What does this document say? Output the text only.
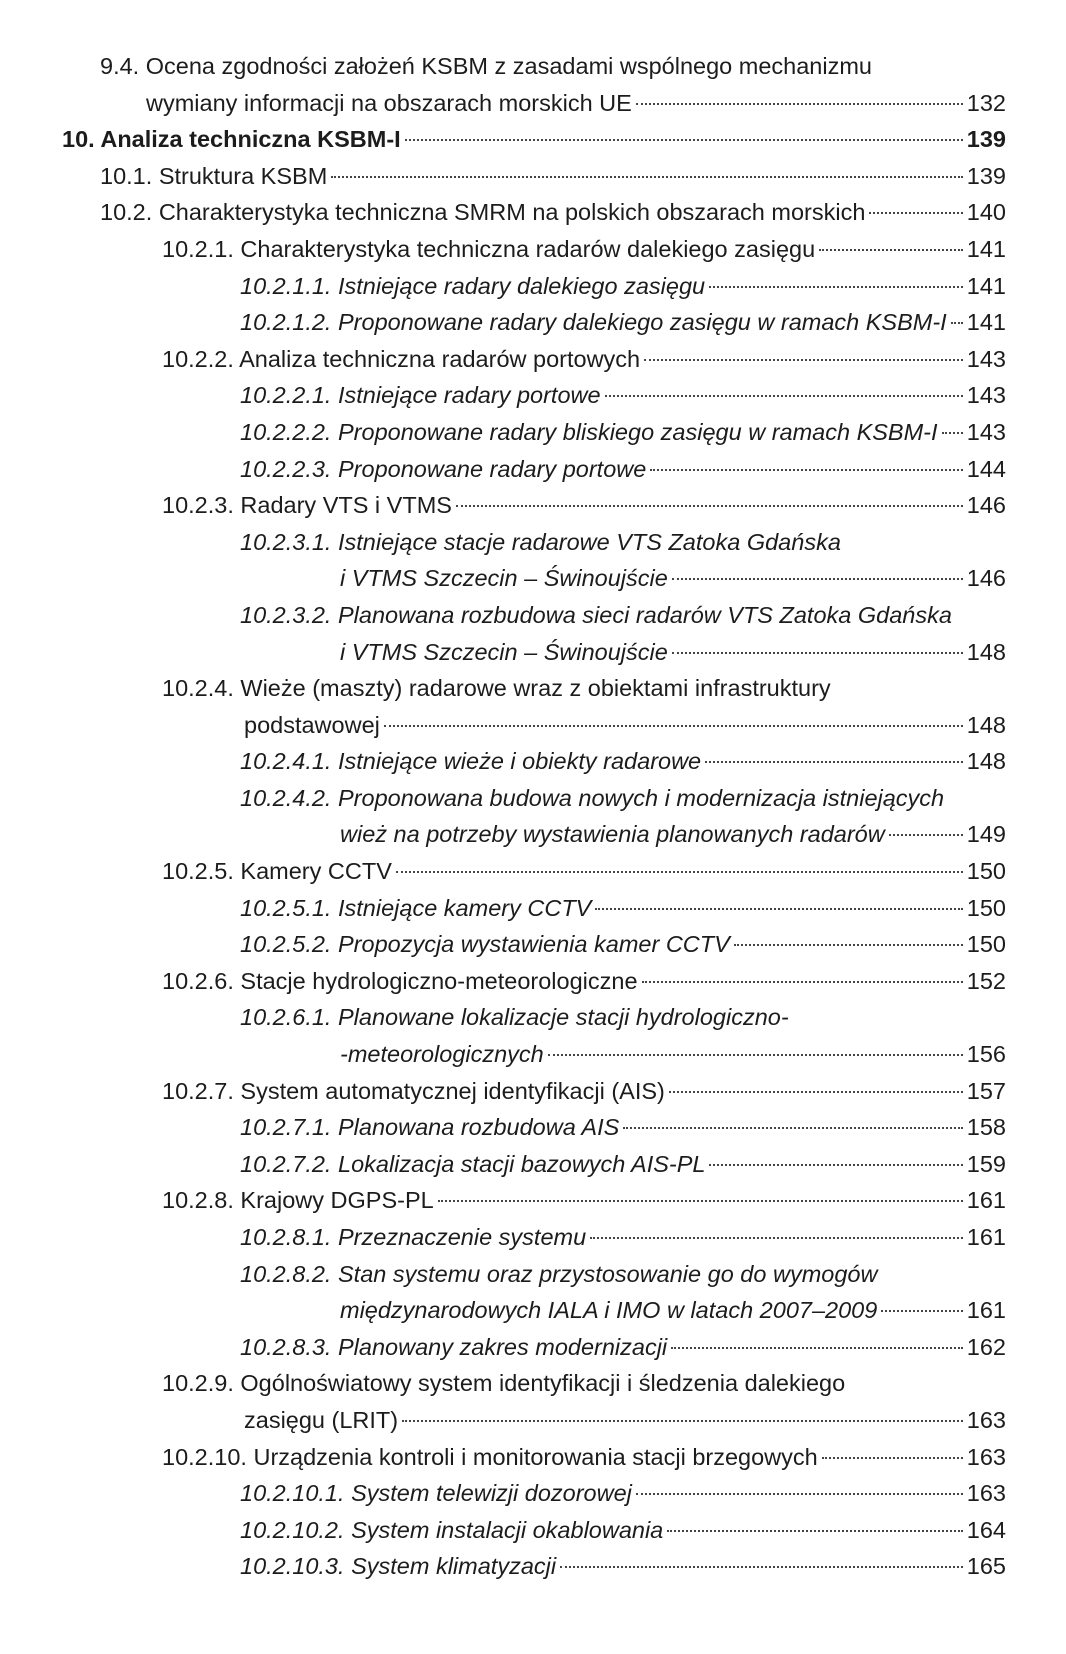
9.4. Ocena zgodności założeń KSBM z zasadami wspólnego mechanizmu
wymiany informacji na obszarach morskich UE	132
10. Analiza techniczna KSBM-I	139
10.1. Struktura KSBM	139
10.2. Charakterystyka techniczna SMRM na polskich obszarach morskich	140
10.2.1. Charakterystyka techniczna radarów dalekiego zasięgu	141
10.2.1.1. Istniejące radary dalekiego zasięgu	141
10.2.1.2. Proponowane radary dalekiego zasięgu w ramach KSBM-I 141
10.2.2. Analiza techniczna radarów portowych	143
10.2.2.1. Istniejące radary portowe	143
10.2.2.2. Proponowane radary bliskiego zasięgu w ramach KSBM-I 143
10.2.2.3. Proponowane radary portowe	144
10.2.3. Radary VTS i VTMS	146
10.2.3.1. Istniejące stacje radarowe VTS Zatoka Gdańska
i VTMS Szczecin – Świnoujście	146
10.2.3.2. Planowana rozbudowa sieci radarów VTS Zatoka Gdańska
i VTMS Szczecin – Świnoujście	148
10.2.4. Wieże (maszty) radarowe wraz z obiektami infrastruktury
podstawowej	148
10.2.4.1. Istniejące wieże i obiekty radarowe	148
10.2.4.2. Proponowana budowa nowych i modernizacja istniejących
wież na potrzeby wystawienia planowanych radarów	149
10.2.5. Kamery CCTV	150
10.2.5.1. Istniejące kamery CCTV	150
10.2.5.2. Propozycja wystawienia kamer CCTV	150
10.2.6. Stacje hydrologiczno-meteorologiczne	152
10.2.6.1. Planowane lokalizacje stacji hydrologiczno-
-meteorologicznych	156
10.2.7. System automatycznej identyfikacji (AIS)	157
10.2.7.1. Planowana rozbudowa AIS	158
10.2.7.2. Lokalizacja stacji bazowych AIS-PL	159
10.2.8. Krajowy DGPS-PL	161
10.2.8.1. Przeznaczenie systemu	161
10.2.8.2. Stan systemu oraz przystosowanie go do wymogów
międzynarodowych IALA i IMO w latach 2007–2009	161
10.2.8.3. Planowany zakres modernizacji	162
10.2.9. Ogólnoświatowy system identyfikacji i śledzenia dalekiego
zasięgu (LRIT)	163
10.2.10. Urządzenia kontroli i monitorowania stacji brzegowych	163
10.2.10.1. System telewizji dozorowej	163
10.2.10.2. System instalacji okablowania	164
10.2.10.3. System klimatyzacji	165
